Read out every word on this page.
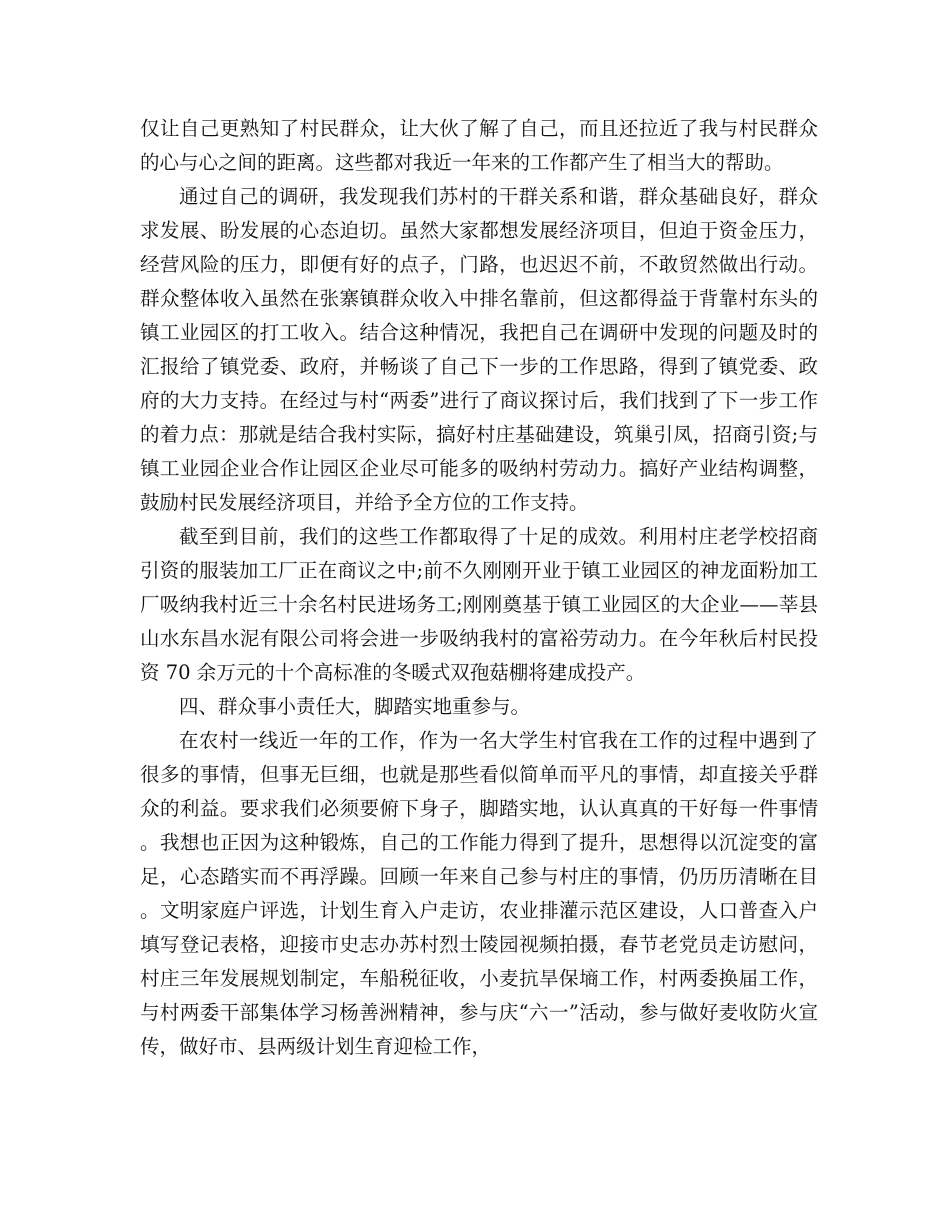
仅让自己更熟知了村民群众，让大伙了解了自己，而且还拉近了我与村民群众的心与心之间的距离。这些都对我近一年来的工作都产生了相当大的帮助。

通过自己的调研，我发现我们苏村的干群关系和谐，群众基础良好，群众求发展、盼发展的心态迫切。虽然大家都想发展经济项目，但迫于资金压力，经营风险的压力，即便有好的点子，门路，也迟迟不前，不敢贸然做出行动。群众整体收入虽然在张寨镇群众收入中排名靠前，但这都得益于背靠村东头的镇工业园区的打工收入。结合这种情况，我把自己在调研中发现的问题及时的汇报给了镇党委、政府，并畅谈了自己下一步的工作思路，得到了镇党委、政府的大力支持。在经过与村“两委”进行了商议探讨后，我们找到了下一步工作的着力点：那就是结合我村实际，搞好村庄基础建设，筑巢引凤，招商引资;与镇工业园企业合作让园区企业尽可能多的吸纳村劳动力。搞好产业结构调整，鼓励村民发展经济项目，并给予全方位的工作支持。

截至到目前，我们的这些工作都取得了十足的成效。利用村庄老学校招商引资的服装加工厂正在商议之中;前不久刚刚开业于镇工业园区的神龙面粉加工厂吸纳我村近三十余名村民进场务工;刚刚奠基于镇工业园区的大企业——莘县山水东昌水泥有限公司将会进一步吸纳我村的富裕劳动力。在今年秋后村民投资 70 余万元的十个高标准的冬暖式双孢菇棚将建成投产。

四、群众事小责任大，脚踏实地重参与。

在农村一线近一年的工作，作为一名大学生村官我在工作的过程中遇到了很多的事情，但事无巨细，也就是那些看似简单而平凡的事情，却直接关乎群众的利益。要求我们必须要俯下身子，脚踏实地，认认真真的干好每一件事情。我想也正因为这种锻炼，自己的工作能力得到了提升，思想得以沉淀变的富足，心态踏实而不再浮躁。回顾一年来自己参与村庄的事情，仍历历清晰在目。文明家庭户评选，计划生育入户走访，农业排灌示范区建设，人口普查入户填写登记表格，迎接市史志办苏村烈士陵园视频拍摄，春节老党员走访慰问，村庄三年发展规划制定，车船税征收，小麦抗旱保墒工作，村两委换届工作，与村两委干部集体学习杨善洲精神，参与庆“六一”活动，参与做好麦收防火宣传，做好市、县两级计划生育迎检工作，
